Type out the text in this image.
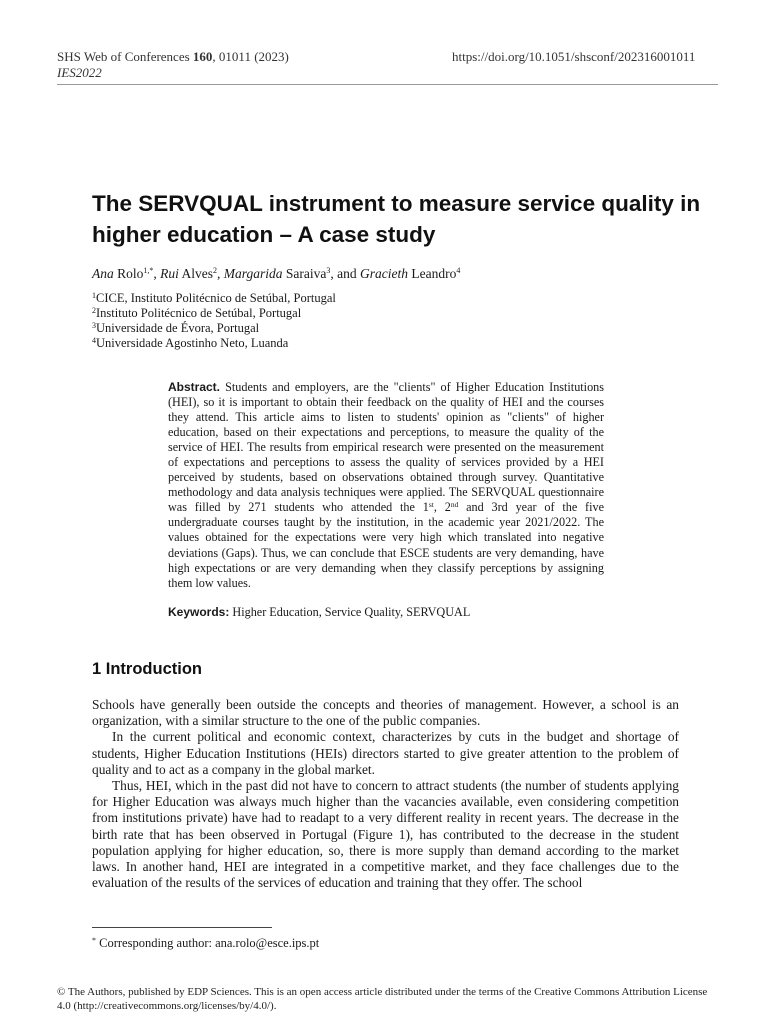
SHS Web of Conferences 160, 01011 (2023)	https://doi.org/10.1051/shsconf/202316001011
IES2022
The SERVQUAL instrument to measure service quality in higher education – A case study
Ana Rolo$^{1,*}$, Rui Alves$^2$, Margarida Saraiva$^3$, and Gracieth Leandro$^4$
$^1$CICE, Instituto Politécnico de Setúbal, Portugal
$^2$Instituto Politécnico de Setúbal, Portugal
$^3$Universidade de Évora, Portugal
$^4$Universidade Agostinho Neto, Luanda
Abstract. Students and employers, are the "clients" of Higher Education Institutions (HEI), so it is important to obtain their feedback on the quality of HEI and the courses they attend. This article aims to listen to students' opinion as "clients" of higher education, based on their expectations and perceptions, to measure the quality of the service of HEI. The results from empirical research were presented on the measurement of expectations and perceptions to assess the quality of services provided by a HEI perceived by students, based on observations obtained through survey. Quantitative methodology and data analysis techniques were applied. The SERVQUAL questionnaire was filled by 271 students who attended the 1st, 2nd and 3rd year of the five undergraduate courses taught by the institution, in the academic year 2021/2022. The values obtained for the expectations were very high which translated into negative deviations (Gaps). Thus, we can conclude that ESCE students are very demanding, have high expectations or are very demanding when they classify perceptions by assigning them low values.
Keywords: Higher Education, Service Quality, SERVQUAL
1 Introduction

Schools have generally been outside the concepts and theories of management. However, a school is an organization, with a similar structure to the one of the public companies.

In the current political and economic context, characterizes by cuts in the budget and shortage of students, Higher Education Institutions (HEIs) directors started to give greater attention to the problem of quality and to act as a company in the global market.

Thus, HEI, which in the past did not have to concern to attract students (the number of students applying for Higher Education was always much higher than the vacancies available, even considering competition from institutions private) have had to readapt to a very different reality in recent years. The decrease in the birth rate that has been observed in Portugal (Figure 1), has contributed to the decrease in the student population applying for higher education, so, there is more supply than demand according to the market laws. In another hand, HEI are integrated in a competitive market, and they face challenges due to the evaluation of the results of the services of education and training that they offer. The school

* Corresponding author: ana.rolo@esce.ips.pt
© The Authors, published by EDP Sciences. This is an open access article distributed under the terms of the Creative Commons Attribution License 4.0 (http://creativecommons.org/licenses/by/4.0/).
